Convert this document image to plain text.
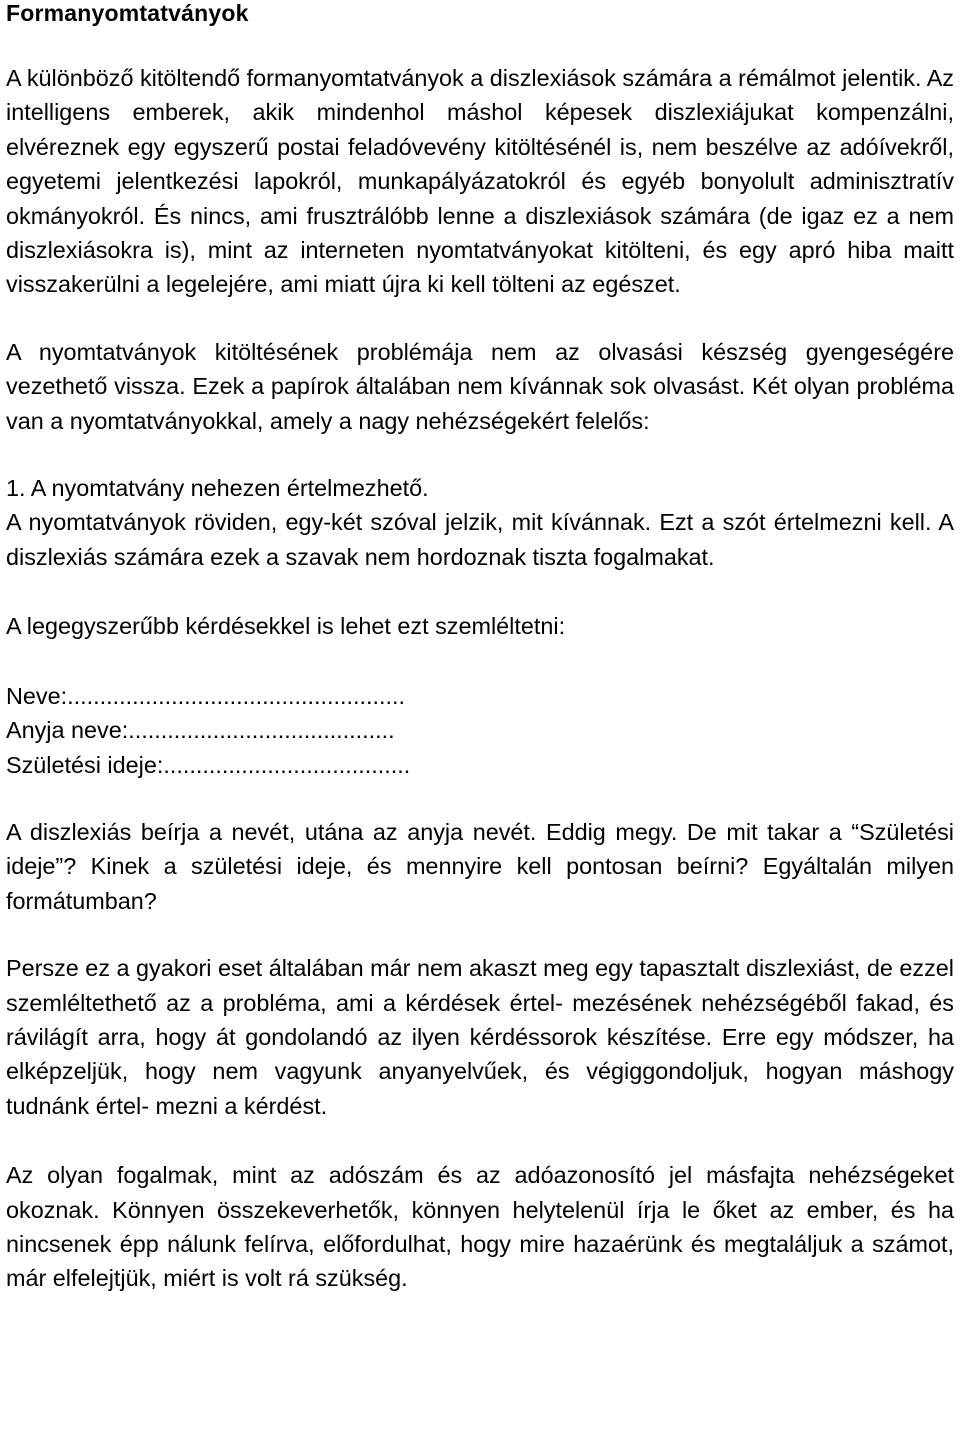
Formanyomtatványok

A különböző kitöltendő formanyomtatványok a diszlexiások számára a rémálmot jelentik. Az intelligens emberek, akik mindenhol máshol képesek diszlexiájukat kompenzálni, elvéreznek egy egyszerű postai feladóvevény kitöltésénél is, nem beszélve az adóívekről, egyetemi jelentkezési lapokról, munkapályázatokról és egyéb bonyolult adminisztratív okmányokról. És nincs, ami frusztrálóbb lenne a diszlexiások számára (de igaz ez a nem diszlexiásokra is), mint az interneten nyomtatványokat kitölteni, és egy apró hiba maitt visszakerülni a legelejére, ami miatt újra ki kell tölteni az egészet.

A nyomtatványok kitöltésének problémája nem az olvasási készség gyengeségére vezethető vissza. Ezek a papírok általában nem kívánnak sok olvasást. Két olyan probléma van a nyomtatványokkal, amely a nagy nehézségekért felelős:

1. A nyomtatvány nehezen értelmezhető.

A nyomtatványok röviden, egy-két szóval jelzik, mit kívánnak. Ezt a szót értelmezni kell. A diszlexiás számára ezek a szavak nem hordoznak tiszta fogalmakat.

A legegyszerűbb kérdésekkel is lehet ezt szemléltetni:

Neve:....................................................
Anyja neve:.........................................
Születési ideje:......................................

A diszlexiás beírja a nevét, utána az anyja nevét. Eddig megy. De mit takar a “Születési ideje”? Kinek a születési ideje, és mennyire kell pontosan beírni? Egyáltalán milyen formátumban?

Persze ez a gyakori eset általában már nem akaszt meg egy tapasztalt diszlexiást, de ezzel szemléltethető az a probléma, ami a kérdések értel- mezésének nehézségéből fakad, és rávilágít arra, hogy át gondolandó az ilyen kérdéssorok készítése. Erre egy módszer, ha elképzeljük, hogy nem vagyunk anyanyelvűek, és végiggondoljuk, hogyan máshogy tudnánk értel- mezni a kérdést.

Az olyan fogalmak, mint az adószám és az adóazonosító jel másfajta nehézségeket okoznak. Könnyen összekeverhetők, könnyen helytelenül írja le őket az ember, és ha nincsenek épp nálunk felírva, előfordulhat, hogy mire hazaérünk és megtaláljuk a számot, már elfelejtjük, miért is volt rá szükség.
